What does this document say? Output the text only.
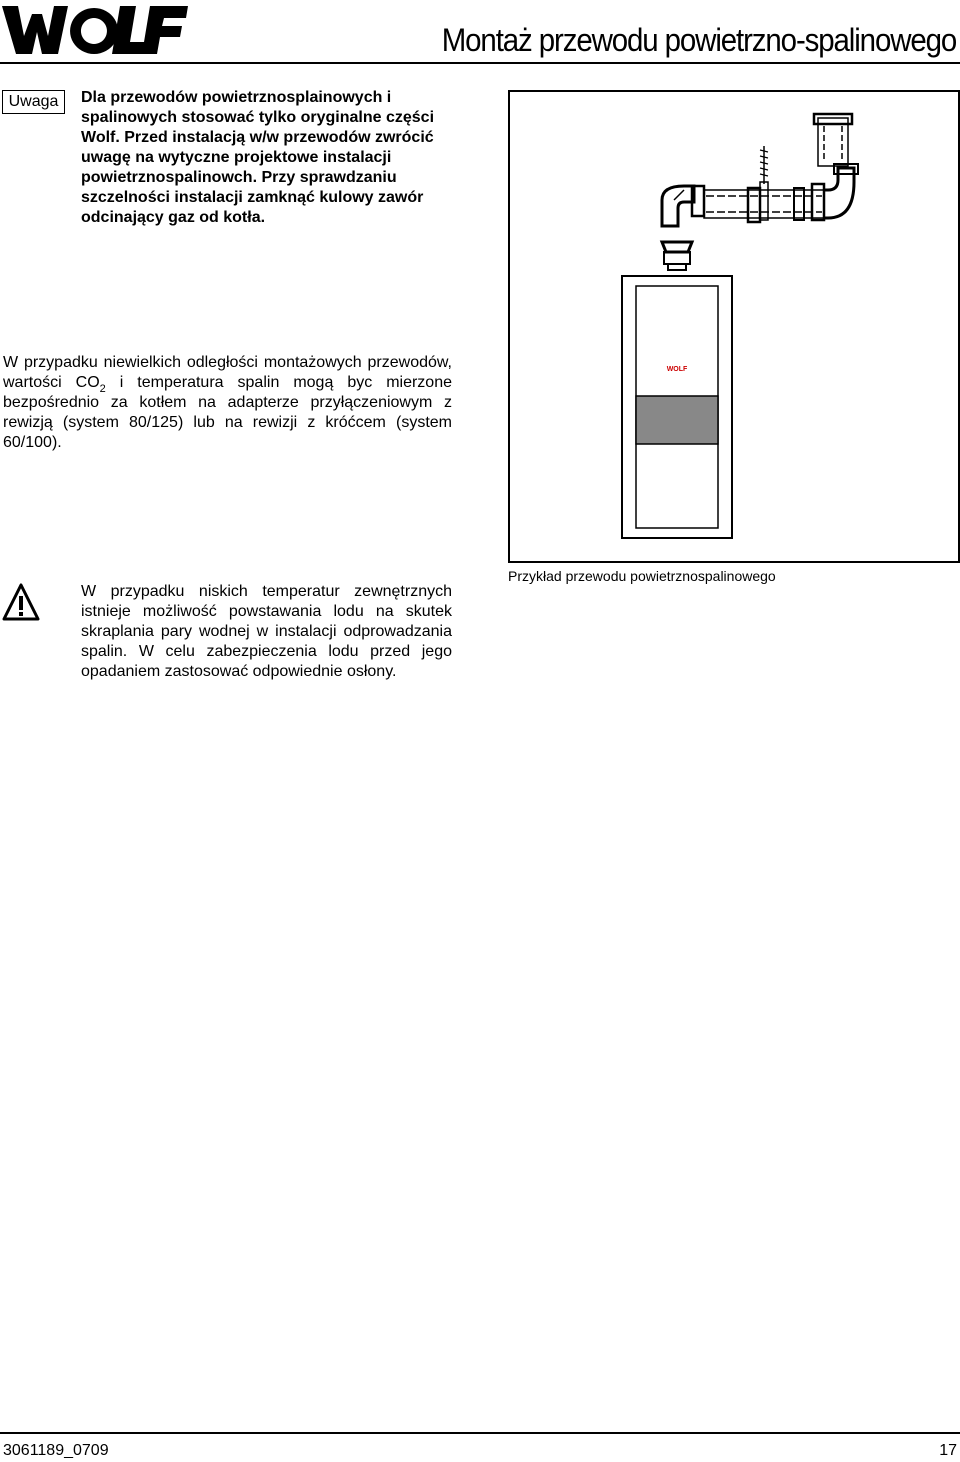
Montaż przewodu powietrzno-spalinowego
Uwaga	Dla przewodów powietrznosplainowych i spalinowych stosować tylko oryginalne części Wolf. Przed instalacją w/w przewodów zwrócić uwagę na wytyczne projektowe instalacji powietrznospalinowch. Przy sprawdzaniu szczelności instalacji zamknąć kulowy zawór odcinający gaz od kotła.

W przypadku niewielkich odległości montażowych przewodów, wartości $CO_2$ i temperatura spalin mogą byc mierzone bezpośrednio za kotłem na adapterze przyłączeniowym z rewizją (system 80/125) lub na rewizji z króćcem (system 60/100).

W przypadku niskich temperatur zewnętrznych istnieje możliwość powstawania lodu na skutek skraplania pary wodnej w instalacji odprowadzania spalin. W celu zabezpieczenia lodu przed jego opadaniem zastosować odpowiednie osłony.

WOLF
Przykład przewodu powietrznospalinowego
3061189_0709	17
